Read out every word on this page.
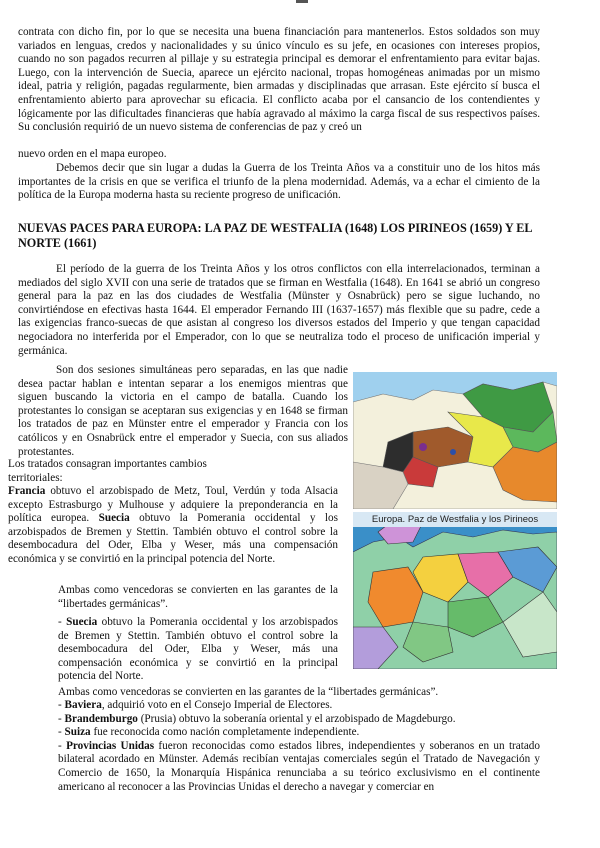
contrata con dicho fin, por lo que se necesita una buena financiación para mantenerlos. Estos soldados son muy variados en lenguas, credos y nacionalidades y su único vínculo es su jefe, en ocasiones con intereses propios, cuando no son pagados recurren al pillaje y su estrategia principal es demorar el enfrentamiento para evitar bajas. Luego, con la intervención de Suecia, aparece un ejército nacional, tropas homogéneas animadas por un mismo ideal, patria y religión, pagadas regularmente, bien armadas y disciplinadas que arrasan. Este ejército sí busca el enfrentamiento abierto para aprovechar su eficacia. El conflicto acaba por el cansancio de los contendientes y lógicamente por las dificultades financieras que había agravado al máximo la carga fiscal de sus respectivos países. Su conclusión requirió de un nuevo sistema de conferencias de paz y creó un

nuevo orden en el mapa europeo.

Debemos decir que sin lugar a dudas la Guerra de los Treinta Años va a constituir uno de los hitos más importantes de la crisis en que se verifica el triunfo de la plena modernidad. Además, va a echar el cimiento de la política de la Europa moderna hasta su reciente progreso de unificación.

NUEVAS PACES PARA EUROPA: LA PAZ DE WESTFALIA (1648) LOS PIRINEOS (1659) Y EL NORTE (1661)

El período de la guerra de los Treinta Años y los otros conflictos con ella interrelacionados, terminan a mediados del siglo XVII con una serie de tratados que se firman en Westfalia (1648). En 1641 se abrió un congreso general para la paz en las dos ciudades de Westfalia (Münster y Osnabrück) pero se sigue luchando, no convirtiéndose en efectivas hasta 1644. El emperador Fernando III (1637-1657) más flexible que su padre, cede a las exigencias franco-suecas de que asistan al congreso los diversos estados del Imperio y que tengan capacidad negociadora no interferida por el Emperador, con lo que se neutraliza todo el proceso de unificación imperial y germánica.

Son dos sesiones simultáneas pero separadas, en las que nadie desea pactar hablan e intentan separar a los enemigos mientras que siguen buscando la victoria en el campo de batalla. Cuando los protestantes lo consigan se aceptaran sus exigencias y en 1648 se firman los tratados de paz en Münster entre el emperador y Francia con los católicos y en Osnabrück entre el emperador y Suecia, con sus aliados protestantes.

Los tratados consagran importantes cambios
territoriales:

Francia obtuvo el arzobispado de Metz, Toul, Verdún y toda Alsacia excepto Estrasburgo y Mulhouse y adquiere la preponderancia en la política europea. Suecia obtuvo la Pomerania occidental y los arzobispados de Bremen y Stettin. También obtuvo el control sobre la desembocadura del Oder, Elba y Weser, más una compensación económica y se convirtió en la principal potencia del Norte.

Ambas como vencedoras se convierten en las garantes de la “libertades germánicas”.

- Suecia obtuvo la Pomerania occidental y los arzobispados de Bremen y Stettin. También obtuvo el control sobre la desembocadura del Oder, Elba y Weser, más una compensación económica y se convirtió en la principal potencia del Norte.

Ambas como vencedoras se convierten en las garantes de la “libertades germánicas”.

- Baviera, adquirió voto en el Consejo Imperial de Electores.
- Brandemburgo (Prusia) obtuvo la soberanía oriental y el arzobispado de Magdeburgo.
- Suiza fue reconocida como nación completamente independiente.
- Provincias Unidas fueron reconocidas como estados libres, independientes y soberanos en un tratado bilateral acordado en Münster. Además recibían ventajas comerciales según el Tratado de Navegación y Comercio de 1650, la Monarquía Hispánica renunciaba a su teórico exclusivismo en el continente americano al reconocer a las Provincias Unidas el derecho a navegar y comerciar en
Europa. Paz de Westfalia y los Pirineos
